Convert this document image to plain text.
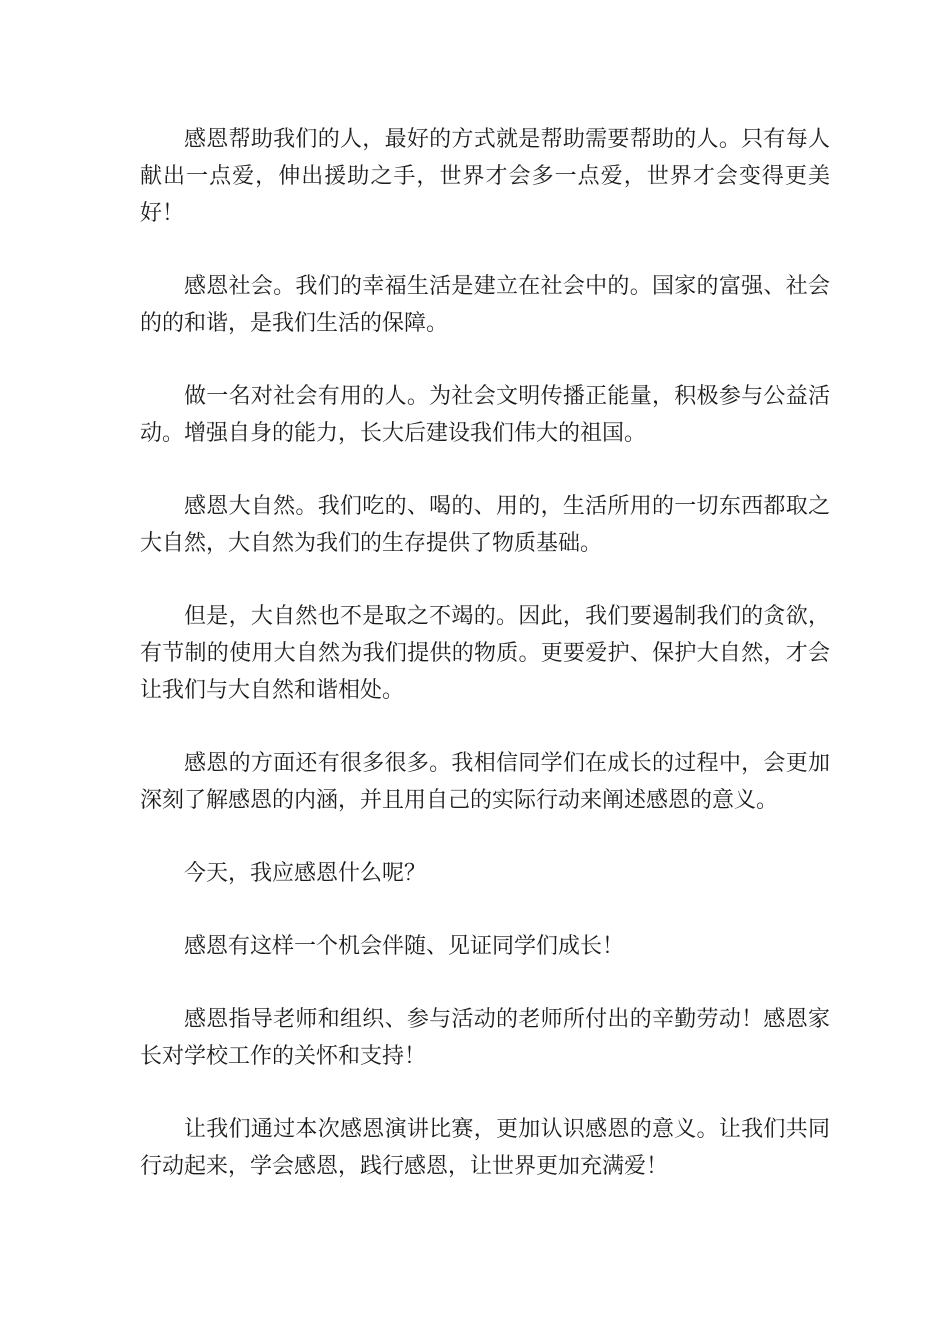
感恩帮助我们的人，最好的方式就是帮助需要帮助的人。只有每人献出一点爱，伸出援助之手，世界才会多一点爱，世界才会变得更美好！

感恩社会。我们的幸福生活是建立在社会中的。国家的富强、社会的的和谐，是我们生活的保障。

做一名对社会有用的人。为社会文明传播正能量，积极参与公益活动。增强自身的能力，长大后建设我们伟大的祖国。

感恩大自然。我们吃的、喝的、用的，生活所用的一切东西都取之大自然，大自然为我们的生存提供了物质基础。

但是，大自然也不是取之不竭的。因此，我们要遏制我们的贪欲，有节制的使用大自然为我们提供的物质。更要爱护、保护大自然，才会让我们与大自然和谐相处。

感恩的方面还有很多很多。我相信同学们在成长的过程中，会更加深刻了解感恩的内涵，并且用自己的实际行动来阐述感恩的意义。

今天，我应感恩什么呢？

感恩有这样一个机会伴随、见证同学们成长！

感恩指导老师和组织、参与活动的老师所付出的辛勤劳动！感恩家长对学校工作的关怀和支持！

让我们通过本次感恩演讲比赛，更加认识感恩的意义。让我们共同行动起来，学会感恩，践行感恩，让世界更加充满爱！
